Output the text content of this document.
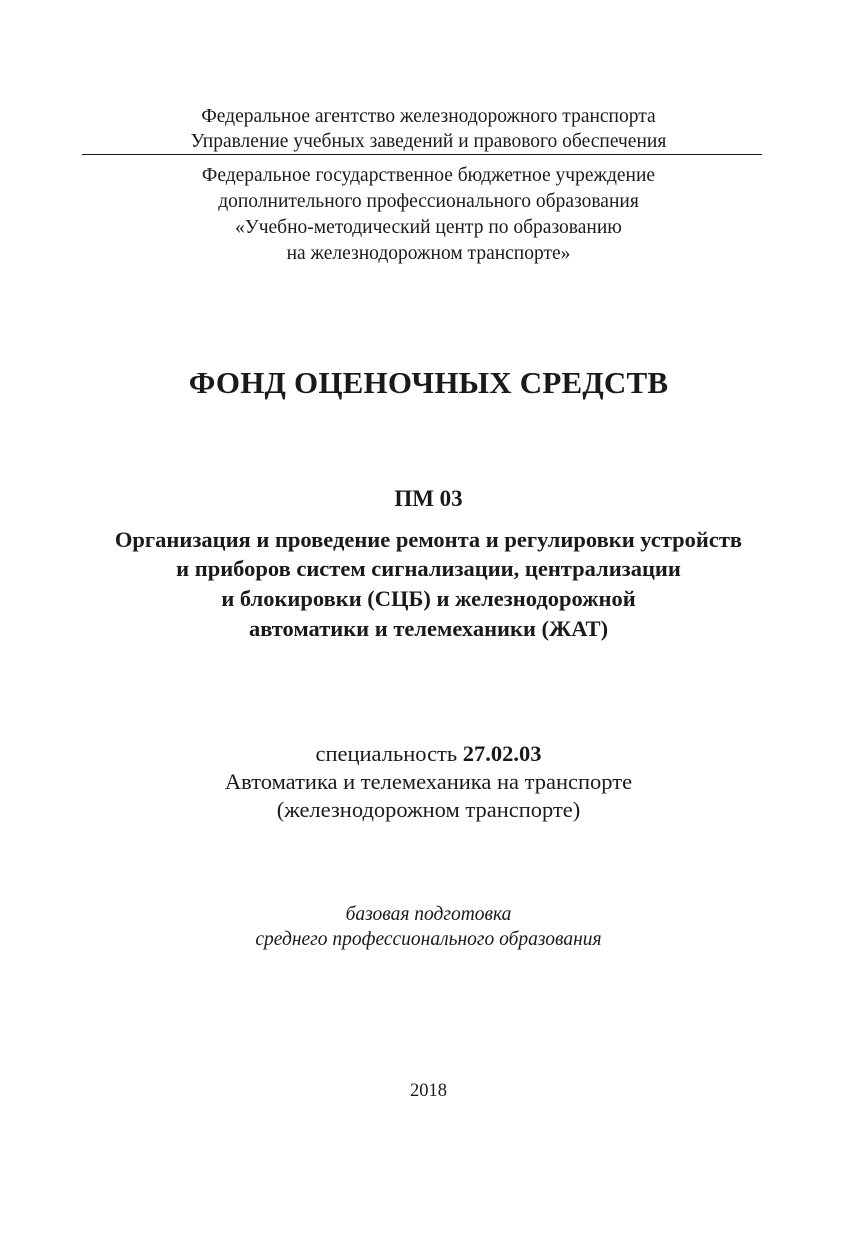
Федеральное агентство железнодорожного транспорта
Управление учебных заведений и правового обеспечения
Федеральное государственное бюджетное учреждение
дополнительного профессионального образования
«Учебно-методический центр по образованию
на железнодорожном транспорте»
ФОНД ОЦЕНОЧНЫХ СРЕДСТВ
ПМ 03
Организация и проведение ремонта и регулировки устройств
и приборов систем сигнализации, централизации
и блокировки (СЦБ) и железнодорожной
автоматики и телемеханики (ЖАТ)
специальность 27.02.03
Автоматика и телемеханика на транспорте
(железнодорожном транспорте)
базовая подготовка
среднего профессионального образования
2018
